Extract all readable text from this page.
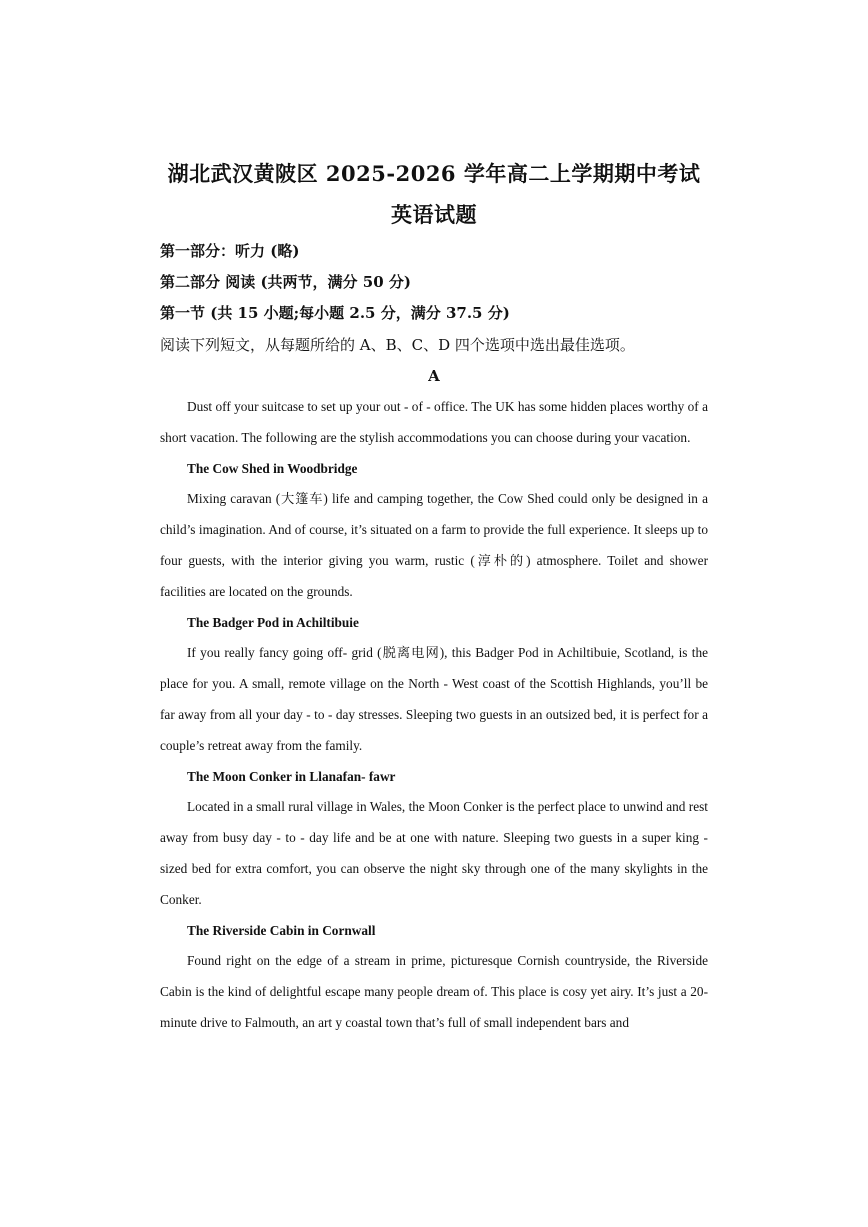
湖北武汉黄陂区 2025-2026 学年高二上学期期中考试
英语试题
第一部分：听力 (略)
第二部分 阅读 (共两节，满分 50 分)
第一节 (共 15 小题;每小题 2.5 分，满分 37.5 分)
阅读下列短文，从每题所给的 A、B、C、D 四个选项中选出最佳选项。
A

Dust off your suitcase to set up your out - of - office. The UK has some hidden places worthy of a short vacation. The following are the stylish accommodations you can choose during your vacation.

The Cow Shed in Woodbridge

Mixing caravan (大篷车) life and camping together, the Cow Shed could only be designed in a child’s imagination. And of course, it’s situated on a farm to provide the full experience. It sleeps up to four guests, with the interior giving you warm, rustic (淳朴的) atmosphere. Toilet and shower facilities are located on the grounds.

The Badger Pod in Achiltibuie

If you really fancy going off- grid (脱离电网), this Badger Pod in Achiltibuie, Scotland, is the place for you. A small, remote village on the North - West coast of the Scottish Highlands, you’ll be far away from all your day - to - day stresses. Sleeping two guests in an outsized bed, it is perfect for a couple’s retreat away from the family.

The Moon Conker in Llanafan- fawr

Located in a small rural village in Wales, the Moon Conker is the perfect place to unwind and rest away from busy day - to - day life and be at one with nature. Sleeping two guests in a super king - sized bed for extra comfort, you can observe the night sky through one of the many skylights in the Conker.

The Riverside Cabin in Cornwall

Found right on the edge of a stream in prime, picturesque Cornish countryside, the Riverside Cabin is the kind of delightful escape many people dream of. This place is cosy yet airy. It’s just a 20- minute drive to Falmouth, an art y coastal town that’s full of small independent bars and
